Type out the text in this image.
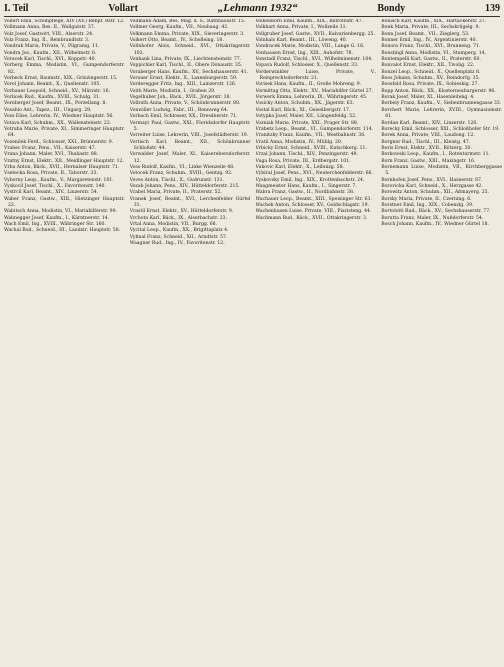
I. Teil	Vollart	„Lehmann 1932“	Bondy	139

Vollert Emil, Schuhpflege, XIV (XV.) Rebpf. Rstr. 12.

Vollmann Anna, Bes. II., Wallgutstr. 37.

Volz Josef, Gastwirt, VIII., Alserstr. 24.

Volz Franz, Ing. II., Rembrandtstr. 3.

Vondrak Maria, Private, V., Pilgramg. 11.

Vondra Jos., Kaufm., XII., Wilhelmstr. 6.

Voracek Karl, Tischl., XVI., Koppstr. 40.

Vorberg Emma, Modistin, VI., Gumpendorferstr. 82.

Vorbeck Ernst, Baumstr., XIX., Grinzingerstr. 15.

Vorel Johann, Beamt., X., Quellenstr. 105.

Vorhauer Leopold, Schneid., XV., Märzstr. 16.

Vorlicek Rud., Kaufm., XVIII., Schulg. 31.

Vornberger Josef, Beamt., IX., Porzellang. 8.

Vosahlo Ant., Tapez., III., Ungarg. 29.

Voss Elise, Lehrerin, IV., Wiedner Hauptstr. 56.

Votava Karl, Schuhm., XX., Wallensteinstr. 22.

Votruba Marie, Private, XI., Simmeringer Hauptstr. 64.

Vozenilek Ferd., Schlosser, XXI., Brünnerstr. 9.

Vrabec Franz, Pens., VII., Kaiserstr. 47.

Vrana Johann, Maler, XVI., Thaliastr. 88.

Vratny Ernst, Elektr., XII., Meidlinger Hauptstr. 12.

Vrba Anton, Bäck., XVII., Hernalser Hauptstr. 71.

Vsetecka Rosa, Private, II., Taborstr. 33.

Vyborny Leop., Kaufm., V., Margaretenstr. 101.

Vyskocil Josef, Tischl., X., Favoritenstr. 140.

Vystrcil Karl, Beamt., XIV., Linzerstr. 54.

Waber Franz, Gastw., XIII., Hietzinger Hauptstr. 22.

Wabitsch Anna, Modistin, VI., Mariahilferstr. 99.

Wabnegger Josef, Kaufm., I., Kärntnerstr. 14.

Wach Emil, Ing., XVIII., Währinger Str. 160.

Wachal Rud., Schneid., III., Landstr. Hauptstr. 58.

Vollmann Adam, Bes. Mag. d. S., Rathhausstr. 15.

Vollmer Georg, Kaufm., VII., Neubaug. 42.

Volkmann Emma, Private, XIX., Sieveringerstr. 3.

Volkert Otto, Beamt., IV., Schelleing. 18.

Vollnhofer Alois, Schneid., XVI., Ottakringerstr. 102.

Vonbank Lina, Private, IX., Liechtensteinstr. 77.

Voppichler Karl, Tischl., II., Obere Donaustr. 35.

Voraberger Hans, Kaufm., XV., Sechshauserstr. 41.

Vorauer Ernst, Elektr., X., Laxenburgerstr. 59.

Vorderegger Fritz, Ing., XIII., Lainzerstr. 126.

Voith Marie, Modistin, I., Graben 29.

Vogelhuber Joh., Bäck., XVII., Jörgerstr. 38.

Vollrath Anna, Private, V., Schönbrunnerstr. 88.

Vonwiller Ludwig, Fabr., III., Rennweg 64.

Vorbach Emil, Schlosser, XX., Dresdnerstr. 71.

Vormayr Paul, Gastw., XXI., Floridsdorfer Hauptstr. 5.

Vorreiter Luise, Lehrerin, VIII., Josefstädterstr. 19.

Vortisch Karl, Beamt., XII., Schönbrunner Schloßstr. 44.

Vorwalder Josef, Maler, XI., Kaiserebersdorferstr. 12.

Voss Rudolf, Kaufm., VI., Linke Wienzeile 48.

Votocek Franz, Schuhm., XVIII., Gentzg. 92.

Voves Anton, Tischl., X., Gudrunstr. 131.

Vozab Johann, Pens., XIV., Hütteldorferstr. 215.

Vrabel Maria, Private, II., Praterstr. 52.

Vranek Josef, Beamt., XVI., Lerchenfelder Gürtel 31.

Vrastil Ernst, Elektr., XV., Hütteldorferstr. 9.

Vrchota Karl, Bäck., IX., Alserbachstr. 23.

Vrtal Anna, Modistin, VII., Burgg. 68.

Vycital Leop., Kaufm., XX., Brigittaplatz 4.

Vyhnal Franz, Schneid., XII., Arndtstr. 57.

Waagner Rud., Ing., IV., Favoritenstr. 12.

Volkenborn Emil, Kaufm., XIX., Billrothstr. 47.

Volkhart Anna, Private, I., Wollzeile 31.

Vollgruber Josef, Gastw., XVII., Kalvarienbergg. 25.

Volnhals Karl, Beamt., III., Löweng. 40.

Vondracek Marie, Modistin, VIII., Lange G. 16.

Vonhausen Ernst, Ing., XIII., Auhofstr. 78.

Vonstadl Franz, Tischl., XVI., Wilhelminenstr. 104.

Vopava Rudolf, Schlosser, X., Quellenstr. 33.

Vorderwinkler Luise, Private, V., Reinprechtsdorferstr. 21.

Vorisek Hans, Kaufm., II., Große Mohreng. 9.

Vormittag Otto, Elektr., XV., Mariahilfer Gürtel 27.

Vorwerk Emma, Lehrerin, IX., Währingerstr. 45.

Vosicky Anton, Schuhm., XX., Jägerstr. 63.

Vostal Karl, Bäck., XI., Geiselbergstr. 17.

Votypka Josef, Maler, XII., Längenfeldg. 52.

Vozniak Marie, Private, XXI., Prager Str. 88.

Vrabetz Leop., Beamt., VI., Gumpendorferstr. 114.

Vranitzky Franz, Kaufm., VII., Westbahnstr. 36.

Vratil Anna, Modistin, IV., Mühlg. 20.

Vrbicky Ernst, Schneid., XVIII., Kutschkerg. 11.

Vrzal Johann, Tischl., XIV., Penzingerstr. 49.

Vuga Rosa, Private, III., Erdbergstr. 101.

Vukovic Karl, Elektr., X., Leibnizg. 58.

Vybiral Josef, Pens., XVI., Neulerchenfelderstr. 66.

Vyskovsky Emil, Ing., XIX., Krottenbachstr. 24.

Waagmeister Hans, Kaufm., I., Singerstr. 7.

Wabra Franz, Gastw., II., Nordbahnstr. 38.

Wachauer Leop., Beamt., XIII., Speisinger Str. 63.

Wachek Anton, Schlosser, XV., Goldschlagstr. 19.

Wachenhusen Luise, Private, VIII., Piaristeng. 44.

Wachmann Rud., Bäck., XVII., Ottakringerstr. 3.

Bonisch Karl, Kaufm., XIX., Hartäckerstr. 27.

Bonk Maria, Private, III., Sechskrügelg. 9.

Bonn Josef, Beamt., VII., Zieglerg. 53.

Bonner Emil, Ing., IV., Argentinierstr. 40.

Bonora Franz, Tischl., XVI., Brunneng. 71.

Bonstingl Anna, Modistin, VI., Stumperg. 14.

Bontempelli Karl, Gastw., II., Praterstr. 60.

Bonvalot Ernst, Elektr., XII., Tivolig. 22.

Bonzel Leop., Schneid., X., Quellenplatz 8.

Boos Johann, Schuhm., XV., Reindorfg. 35.

Boosfeld Rosa, Private, IX., Sobieskig. 27.

Bopp Anton, Bäck., XX., Klosterneuburgerstr. 96.

Borak Josef, Maler, XI., Hasenleiteng. 4.

Borbely Franz, Kaufm., V., Siebenbrunnengasse 33.

Borchert Marie, Lehrerin, XVIII., Gymnasiumstr. 61.

Bordan Karl, Beamt., XIV., Linzerstr. 128.

Borecky Emil, Schlosser, XXI., Schloßhofer Str. 19.

Borek Anna, Private, VIII., Laudong. 12.

Borgner Rud., Tischl., III., Kleistg. 47.

Boris Ernst, Elektr., XVII., Rötzerg. 30.

Borkowski Leop., Kaufm., I., Rotenturmstr. 11.

Born Franz, Gastw., XIII., Maxingstr. 16.

Bornemann Luise, Modistin, VII., Kirchberggasse 5.

Bornhofen Josef, Pens., XVI., Hasnerstr. 87.

Borovicka Karl, Schneid., X., Herzgasse 42.

Borowitz Anton, Schuhm., XII., Aßmayerg. 25.

Borsky Maria, Private, II., Czerning. 6.

Borstner Emil, Ing., XIX., Cobenzlg. 39.

Bortolotti Rud., Bäck., XV., Sechshauserstr. 77.

Borutta Franz, Maler, IX., Nußdorferstr. 54.

Bosch Johann, Kaufm., IV., Wiedner Gürtel 18.
